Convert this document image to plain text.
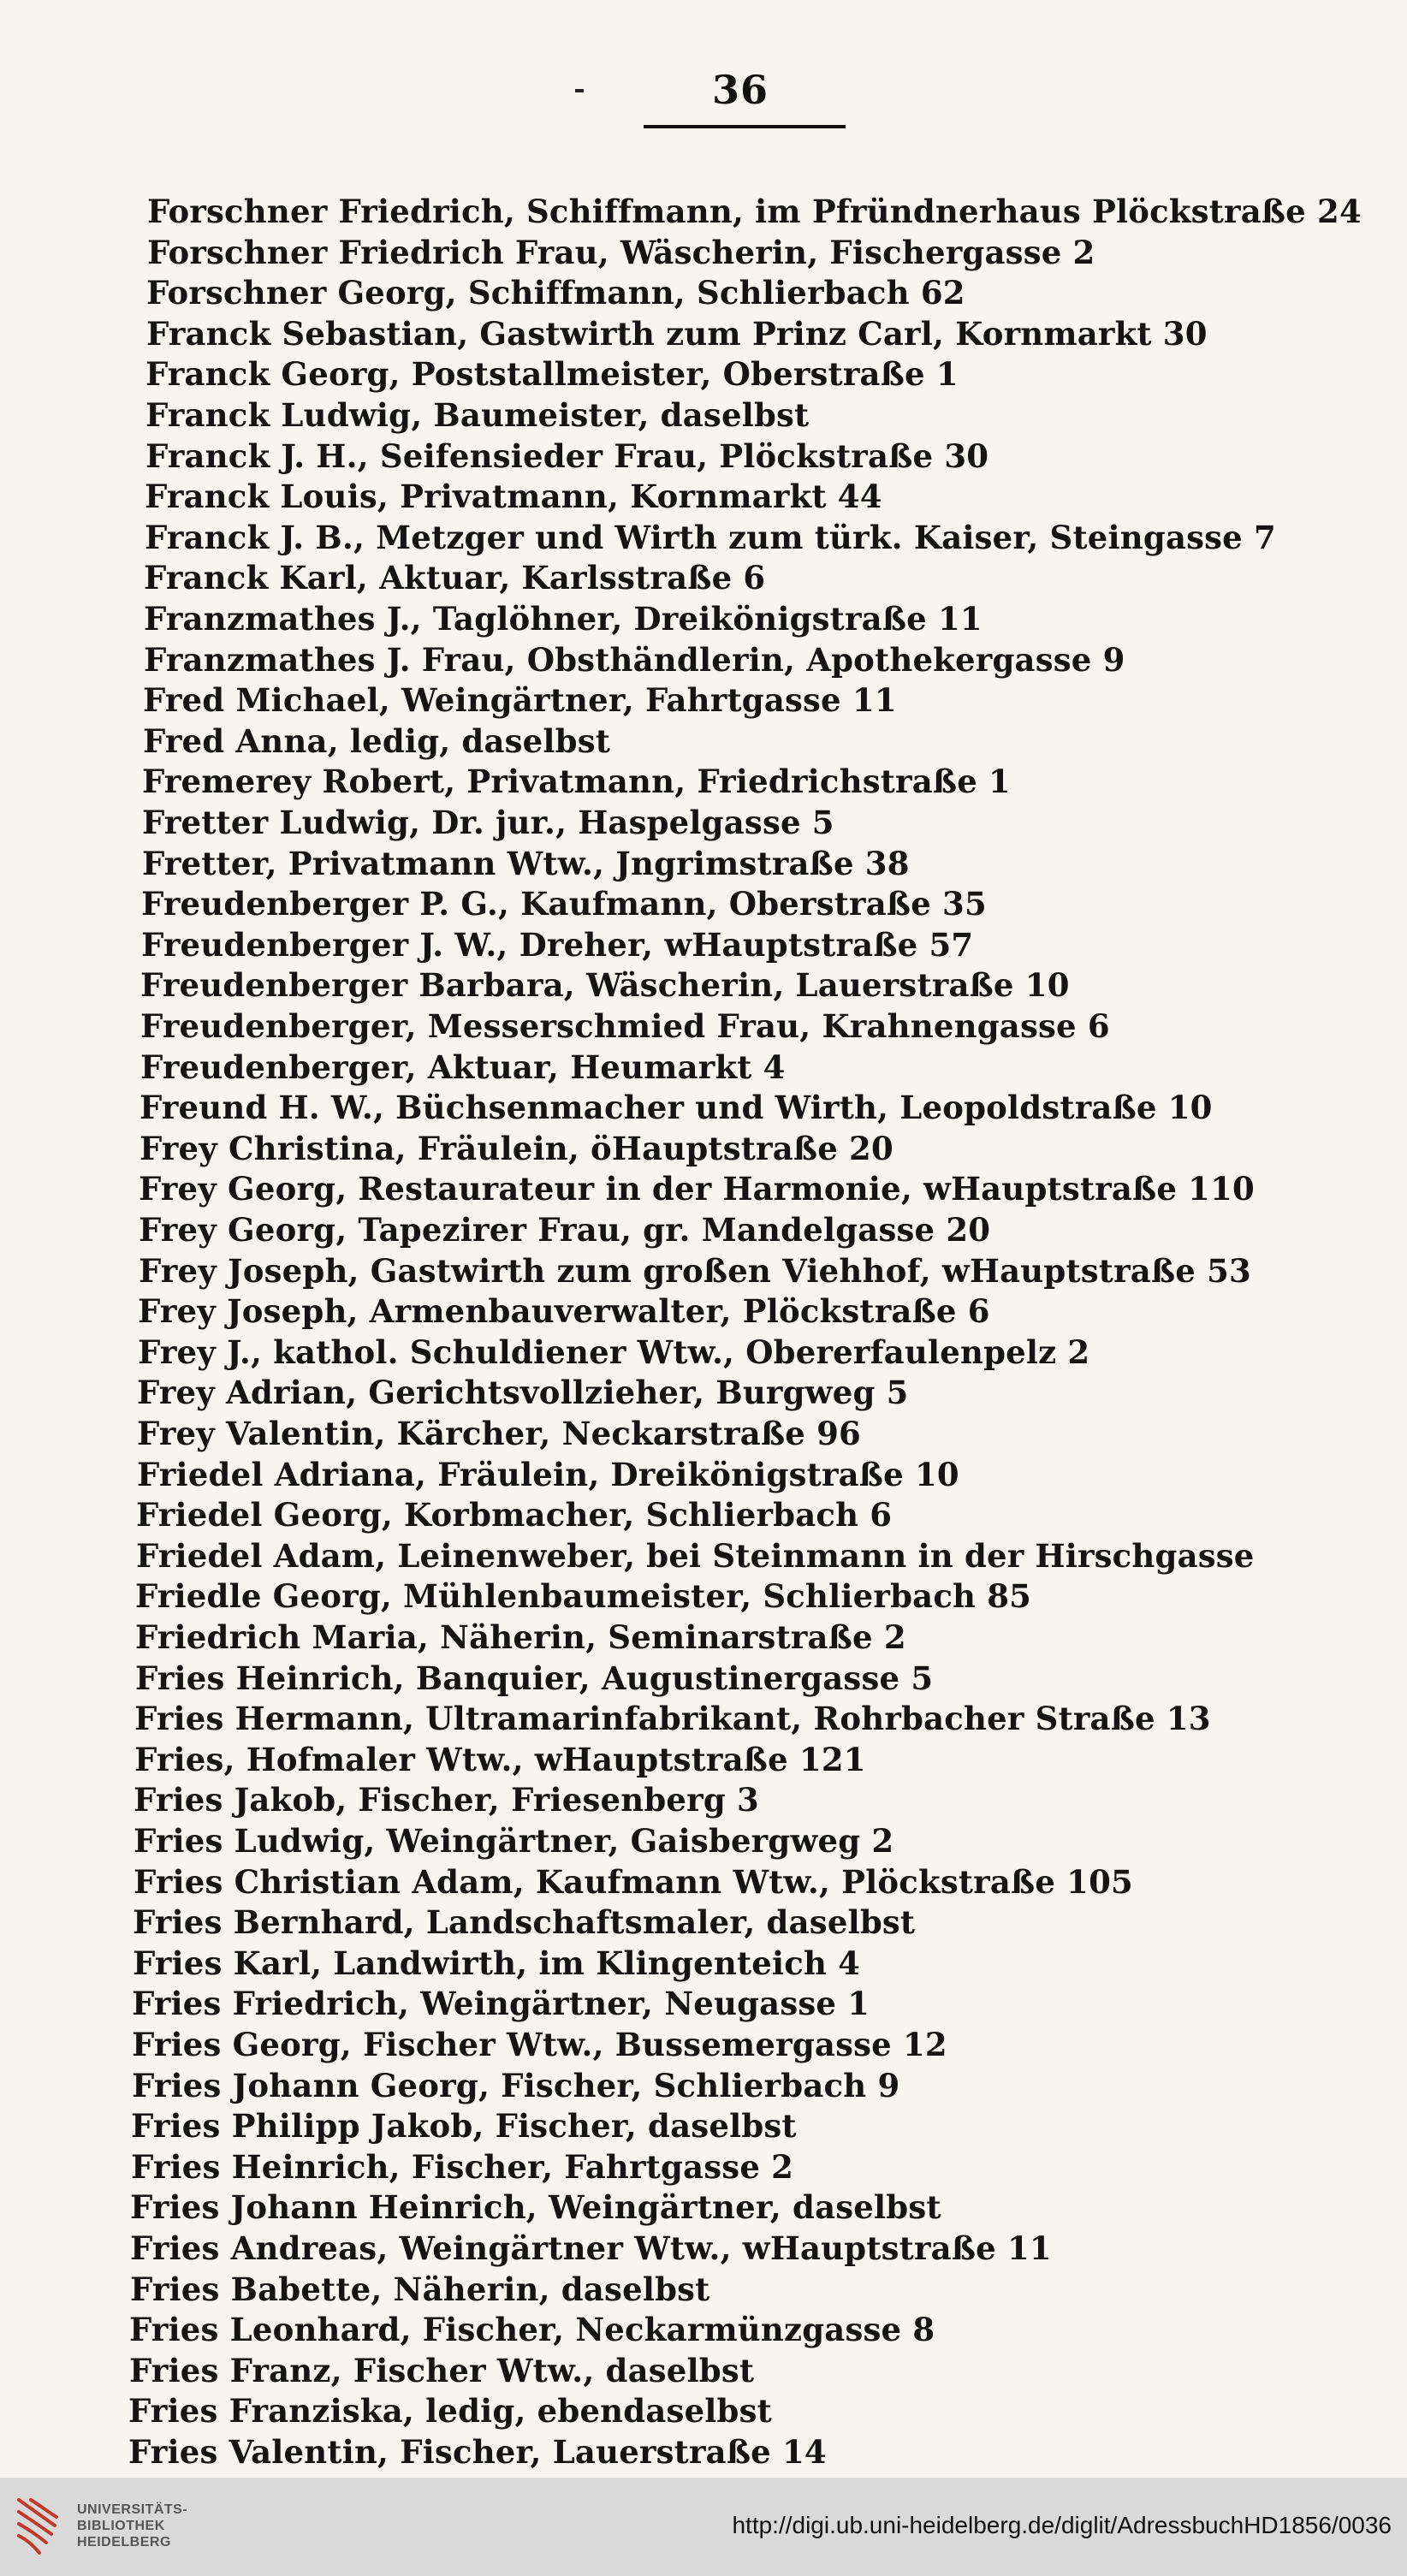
36
Forschner Friedrich, Schiffmann, im Pfründnerhaus Plöckstraße 24
Forschner Friedrich Frau, Wäscherin, Fischergasse 2
Forschner Georg, Schiffmann, Schlierbach 62
Franck Sebastian, Gastwirth zum Prinz Carl, Kornmarkt 30
Franck Georg, Poststallmeister, Oberstraße 1
Franck Ludwig, Baumeister, daselbst
Franck J. H., Seifensieder Frau, Plöckstraße 30
Franck Louis, Privatmann, Kornmarkt 44
Franck J. B., Metzger und Wirth zum türk. Kaiser, Steingasse 7
Franck Karl, Aktuar, Karlsstraße 6
Franzmathes J., Taglöhner, Dreikönigstraße 11
Franzmathes J. Frau, Obsthändlerin, Apothekergasse 9
Fred Michael, Weingärtner, Fahrtgasse 11
Fred Anna, ledig, daselbst
Fremerey Robert, Privatmann, Friedrichstraße 1
Fretter Ludwig, Dr. jur., Haspelgasse 5
Fretter, Privatmann Wtw., Jngrimstraße 38
Freudenberger P. G., Kaufmann, Oberstraße 35
Freudenberger J. W., Dreher, wHauptstraße 57
Freudenberger Barbara, Wäscherin, Lauerstraße 10
Freudenberger, Messerschmied Frau, Krahnengasse 6
Freudenberger, Aktuar, Heumarkt 4
Freund H. W., Büchsenmacher und Wirth, Leopoldstraße 10
Frey Christina, Fräulein, öHauptstraße 20
Frey Georg, Restaurateur in der Harmonie, wHauptstraße 110
Frey Georg, Tapezirer Frau, gr. Mandelgasse 20
Frey Joseph, Gastwirth zum großen Viehhof, wHauptstraße 53
Frey Joseph, Armenbauverwalter, Plöckstraße 6
Frey J., kathol. Schuldiener Wtw., Obererfaulenpelz 2
Frey Adrian, Gerichtsvollzieher, Burgweg 5
Frey Valentin, Kärcher, Neckarstraße 96
Friedel Adriana, Fräulein, Dreikönigstraße 10
Friedel Georg, Korbmacher, Schlierbach 6
Friedel Adam, Leinenweber, bei Steinmann in der Hirschgasse
Friedle Georg, Mühlenbaumeister, Schlierbach 85
Friedrich Maria, Näherin, Seminarstraße 2
Fries Heinrich, Banquier, Augustinergasse 5
Fries Hermann, Ultramarinfabrikant, Rohrbacher Straße 13
Fries, Hofmaler Wtw., wHauptstraße 121
Fries Jakob, Fischer, Friesenberg 3
Fries Ludwig, Weingärtner, Gaisbergweg 2
Fries Christian Adam, Kaufmann Wtw., Plöckstraße 105
Fries Bernhard, Landschaftsmaler, daselbst
Fries Karl, Landwirth, im Klingenteich 4
Fries Friedrich, Weingärtner, Neugasse 1
Fries Georg, Fischer Wtw., Bussemergasse 12
Fries Johann Georg, Fischer, Schlierbach 9
Fries Philipp Jakob, Fischer, daselbst
Fries Heinrich, Fischer, Fahrtgasse 2
Fries Johann Heinrich, Weingärtner, daselbst
Fries Andreas, Weingärtner Wtw., wHauptstraße 11
Fries Babette, Näherin, daselbst
Fries Leonhard, Fischer, Neckarmünzgasse 8
Fries Franz, Fischer Wtw., daselbst
Fries Franziska, ledig, ebendaselbst
Fries Valentin, Fischer, Lauerstraße 14
UNIVERSITÄTS-
BIBLIOTHEK
HEIDELBERG
http://digi.ub.uni-heidelberg.de/diglit/AdressbuchHD1856/0036
